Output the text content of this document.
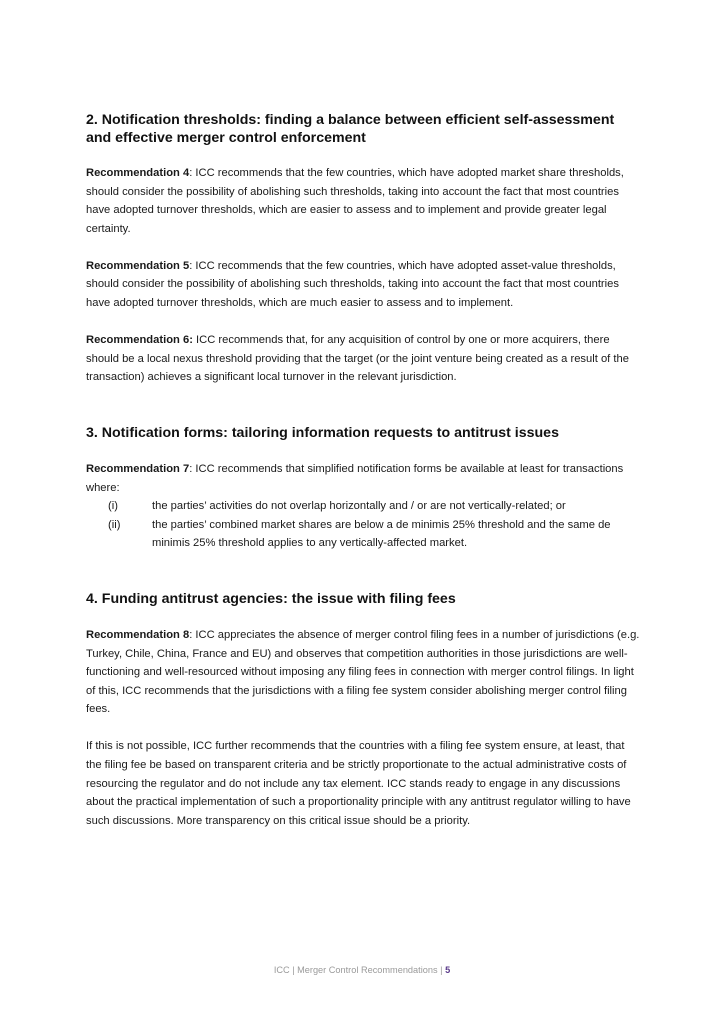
2. Notification thresholds: finding a balance between efficient self-assessment and effective merger control enforcement

Recommendation 4: ICC recommends that the few countries, which have adopted market share thresholds, should consider the possibility of abolishing such thresholds, taking into account the fact that most countries have adopted turnover thresholds, which are easier to assess and to implement and provide greater legal certainty.

Recommendation 5: ICC recommends that the few countries, which have adopted asset-value thresholds, should consider the possibility of abolishing such thresholds, taking into account the fact that most countries have adopted turnover thresholds, which are much easier to assess and to implement.

Recommendation 6: ICC recommends that, for any acquisition of control by one or more acquirers, there should be a local nexus threshold providing that the target (or the joint venture being created as a result of the transaction) achieves a significant local turnover in the relevant jurisdiction.

3. Notification forms: tailoring information requests to antitrust issues

Recommendation 7: ICC recommends that simplified notification forms be available at least for transactions where:

(i)	the parties’ activities do not overlap horizontally and / or are not vertically-related; or
(ii)	the parties’ combined market shares are below a de minimis 25% threshold and the same de minimis 25% threshold applies to any vertically-affected market.
4. Funding antitrust agencies: the issue with filing fees

Recommendation 8: ICC appreciates the absence of merger control filing fees in a number of jurisdictions (e.g. Turkey, Chile, China, France and EU) and observes that competition authorities in those jurisdictions are well-functioning and well-resourced without imposing any filing fees in connection with merger control filings. In light of this, ICC recommends that the jurisdictions with a filing fee system consider abolishing merger control filing fees.

If this is not possible, ICC further recommends that the countries with a filing fee system ensure, at least, that the filing fee be based on transparent criteria and be strictly proportionate to the actual administrative costs of resourcing the regulator and do not include any tax element. ICC stands ready to engage in any discussions about the practical implementation of such a proportionality principle with any antitrust regulator willing to have such discussions. More transparency on this critical issue should be a priority.

ICC | Merger Control Recommendations | 5
